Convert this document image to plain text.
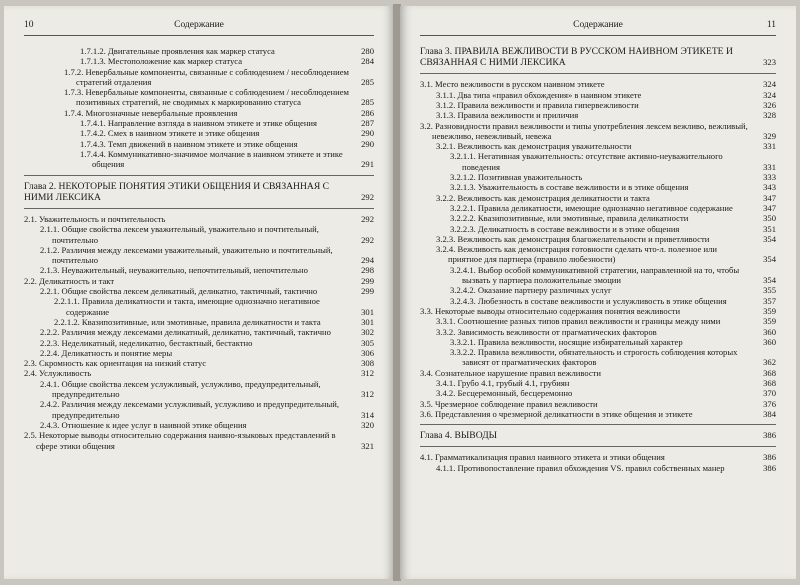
10	Содержание
1.7.1.2. Двигательные проявления как маркер статуса	280
1.7.1.3. Местоположение как маркер статуса	284
1.7.2. Невербальные компоненты, связанные с соблюдением / несоблюдением стратегий отдаления	285
1.7.3. Невербальные компоненты, связанные с соблюдением / несоблюдением позитивных стратегий, не сводимых к маркированию статуса	285
1.7.4. Многозначные невербальные проявления	286
1.7.4.1. Направление взгляда в наивном этикете и этике общения	287
1.7.4.2. Смех в наивном этикете и этике общения	290
1.7.4.3. Темп движений в наивном этикете и этике общения	290
1.7.4.4. Коммуникативно-значимое молчание в наивном этикете и этике общения	291
Глава 2. НЕКОТОРЫЕ ПОНЯТИЯ ЭТИКИ ОБЩЕНИЯ И СВЯЗАННАЯ С НИМИ ЛЕКСИКА	292
2.1. Уважительность и почтительность	292
2.1.1. Общие свойства лексем уважительный, уважительно и почтительный, почтительно	292
2.1.2. Различия между лексемами уважительный, уважительно и почтительный, почтительно	294
2.1.3. Неуважительный, неуважительно, непочтительный, непочтительно	298
2.2. Деликатность и такт	299
2.2.1. Общие свойства лексем деликатный, деликатно, тактичный, тактично	299
2.2.1.1. Правила деликатности и такта, имеющие однозначно негативное содержание	301
2.2.1.2. Квазипозитивные, или эмотивные, правила деликатности и такта	301
2.2.2. Различия между лексемами деликатный, деликатно, тактичный, тактично	302
2.2.3. Неделикатный, неделикатно, бестактный, бестактно	305
2.2.4. Деликатность и понятие меры	306
2.3. Скромность как ориентация на низкий статус	308
2.4. Услужливость	312
2.4.1. Общие свойства лексем услужливый, услужливо, предупредительный, предупредительно	312
2.4.2. Различия между лексемами услужливый, услужливо и предупредительный, предупредительно	314
2.4.3. Отношение к идее услуг в наивной этике общения	320
2.5. Некоторые выводы относительно содержания наивно-языковых представлений в сфере этики общения	321
Содержание	11
Глава 3. ПРАВИЛА ВЕЖЛИВОСТИ В РУССКОМ НАИВНОМ ЭТИКЕТЕ И СВЯЗАННАЯ С НИМИ ЛЕКСИКА	323
3.1. Место вежливости в русском наивном этикете	324
3.1.1. Два типа «правил обхождения» в наивном этикете	324
3.1.2. Правила вежливости и правила гипервежливости	326
3.1.3. Правила вежливости и приличия	328
3.2. Разновидности правил вежливости и типы употребления лексем вежливо, вежливый, невежливо, невежливый, невежа	329
3.2.1. Вежливость как демонстрация уважительности	331
3.2.1.1. Негативная уважительность: отсутствие активно-неуважительного поведения	331
3.2.1.2. Позитивная уважительность	333
3.2.1.3. Уважительность в составе вежливости и в этике общения	343
3.2.2. Вежливость как демонстрация деликатности и такта	347
3.2.2.1. Правила деликатности, имеющие однозначно негативное содержание	347
3.2.2.2. Квазипозитивные, или эмотивные, правила деликатности	350
3.2.2.3. Деликатность в составе вежливости и в этике общения	351
3.2.3. Вежливость как демонстрация благожелательности и приветливости	354
3.2.4. Вежливость как демонстрация готовности сделать что-л. полезное или приятное для партнера (правило любезности)	354
3.2.4.1. Выбор особой коммуникативной стратегии, направленной на то, чтобы вызвать у партнера положительные эмоции	354
3.2.4.2. Оказание партнеру различных услуг	355
3.2.4.3. Любезность в составе вежливости и услужливость в этике общения	357
3.3. Некоторые выводы относительно содержания понятия вежливости	359
3.3.1. Соотношение разных типов правил вежливости и границы между ними	359
3.3.2. Зависимость вежливости от прагматических факторов	360
3.3.2.1. Правила вежливости, носящие избирательный характер	360
3.3.2.2. Правила вежливости, обязательность и строгость соблюдения которых зависят от прагматических факторов	362
3.4. Сознательное нарушение правил вежливости	368
3.4.1. Грубо 4.1, грубый 4.1, грубиян	368
3.4.2. Бесцеремонный, бесцеремонно	370
3.5. Чрезмерное соблюдение правил вежливости	376
3.6. Представления о чрезмерной деликатности в этике общения и этикете	384
Глава 4. ВЫВОДЫ	386
4.1. Грамматикализация правил наивного этикета и этики общения	386
4.1.1. Противопоставление правил обхождения VS. правил собственных манер	386
